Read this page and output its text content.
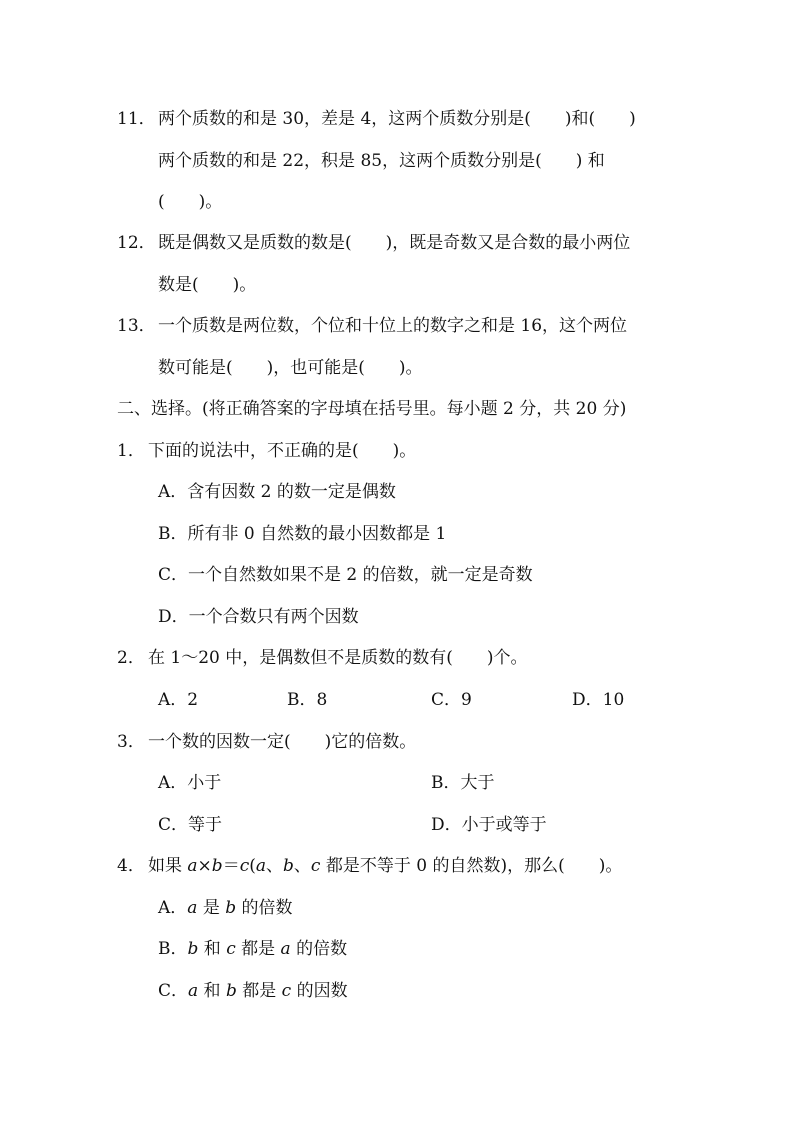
11．

两个质数的和是 30，差是 4，这两个质数分别是(　　)和(　　)

两个质数的和是 22，积是 85，这两个质数分别是(　　) 和

(　　)。

12．

既是偶数又是质数的数是(　　)，既是奇数又是合数的最小两位

数是(　　)。

13．

一个质数是两位数，个位和十位上的数字之和是 16，这个两位

数可能是(　　)，也可能是(　　)。

二、选择。(将正确答案的字母填在括号里。每小题 2 分，共 20 分)

1．

下面的说法中，不正确的是(　　)。

A．含有因数 2 的数一定是偶数

B．所有非 0 自然数的最小因数都是 1

C．一个自然数如果不是 2 的倍数，就一定是奇数

D．一个合数只有两个因数

2．

在 1～20 中，是偶数但不是质数的数有(　　)个。

A．2

	B．8

	C．9

	D．10

3．

一个数的因数一定(　　)它的倍数。

A．小于

	B．大于

C．等于

	D．小于或等于

4．

如果 a×b＝c(a、b、c 都是不等于 0 的自然数)，那么(　　)。

A．a 是 b 的倍数

B．b 和 c 都是 a 的倍数

C．a 和 b 都是 c 的因数
